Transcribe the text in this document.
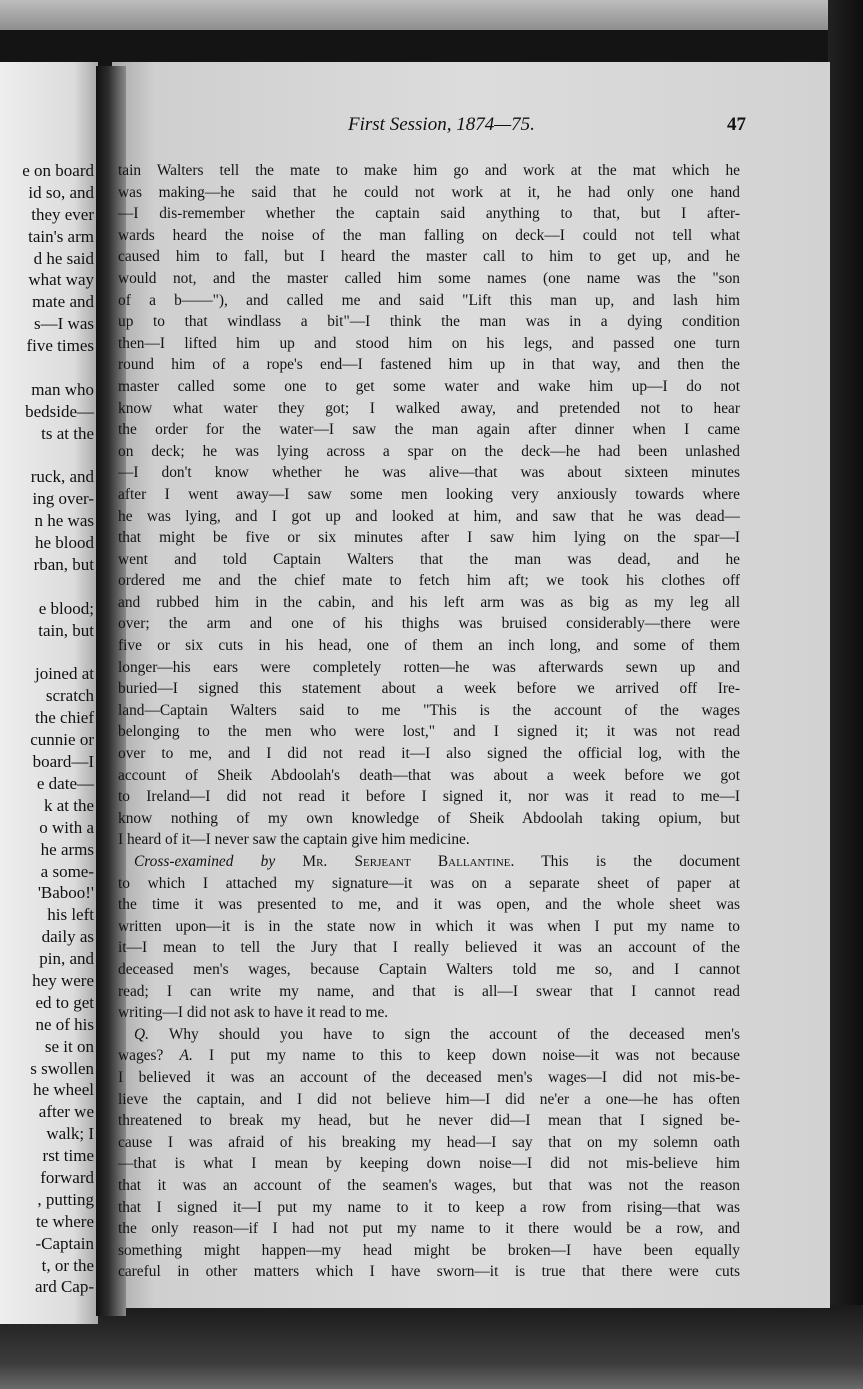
e on board
id so, and
they ever
tain's arm
d he said
what way
mate and
s—I was
five times
man who
bedside—
ts at the
ruck, and
ing over-
n he was
he blood
rban, but
e blood;
tain, but
joined at
scratch
the chief
cunnie or
board—I
e date—
k at the
o with a
he arms
a some-
'Baboo!'
his left
daily as
pin, and
hey were
ed to get
ne of his
se it on
s swollen
he wheel
after we
walk; I
rst time
forward
, putting
te where
-Captain
t, or the
ard Cap-
First Session, 1874—75.	47
tain Walters tell the mate to make him go and work at the mat which he
was making—he said that he could not work at it, he had only one hand
—I dis-remember whether the captain said anything to that, but I after-
wards heard the noise of the man falling on deck—I could not tell what
caused him to fall, but I heard the master call to him to get up, and he
would not, and the master called him some names (one name was the "son
of a b——"), and called me and said "Lift this man up, and lash him
up to that windlass a bit"—I think the man was in a dying condition
then—I lifted him up and stood him on his legs, and passed one turn
round him of a rope's end—I fastened him up in that way, and then the
master called some one to get some water and wake him up—I do not
know what water they got; I walked away, and pretended not to hear
the order for the water—I saw the man again after dinner when I came
on deck; he was lying across a spar on the deck—he had been unlashed
—I don't know whether he was alive—that was about sixteen minutes
after I went away—I saw some men looking very anxiously towards where
he was lying, and I got up and looked at him, and saw that he was dead—
that might be five or six minutes after I saw him lying on the spar—I
went and told Captain Walters that the man was dead, and he
ordered me and the chief mate to fetch him aft; we took his clothes off
and rubbed him in the cabin, and his left arm was as big as my leg all
over; the arm and one of his thighs was bruised considerably—there were
five or six cuts in his head, one of them an inch long, and some of them
longer—his ears were completely rotten—he was afterwards sewn up and
buried—I signed this statement about a week before we arrived off Ire-
land—Captain Walters said to me "This is the account of the wages
belonging to the men who were lost," and I signed it; it was not read
over to me, and I did not read it—I also signed the official log, with the
account of Sheik Abdoolah's death—that was about a week before we got
to Ireland—I did not read it before I signed it, nor was it read to me—I
know nothing of my own knowledge of Sheik Abdoolah taking opium, but
I heard of it—I never saw the captain give him medicine.
Cross-examined by Mr. Serjeant Ballantine. This is the document
to which I attached my signature—it was on a separate sheet of paper at
the time it was presented to me, and it was open, and the whole sheet was
written upon—it is in the state now in which it was when I put my name to
it—I mean to tell the Jury that I really believed it was an account of the
deceased men's wages, because Captain Walters told me so, and I cannot
read; I can write my name, and that is all—I swear that I cannot read
writing—I did not ask to have it read to me.
Q. Why should you have to sign the account of the deceased men's
wages? A. I put my name to this to keep down noise—it was not because
I believed it was an account of the deceased men's wages—I did not mis-be-
lieve the captain, and I did not believe him—I did ne'er a one—he has often
threatened to break my head, but he never did—I mean that I signed be-
cause I was afraid of his breaking my head—I say that on my solemn oath
—that is what I mean by keeping down noise—I did not mis-believe him
that it was an account of the seamen's wages, but that was not the reason
that I signed it—I put my name to it to keep a row from rising—that was
the only reason—if I had not put my name to it there would be a row, and
something might happen—my head might be broken—I have been equally
careful in other matters which I have sworn—it is true that there were cuts
